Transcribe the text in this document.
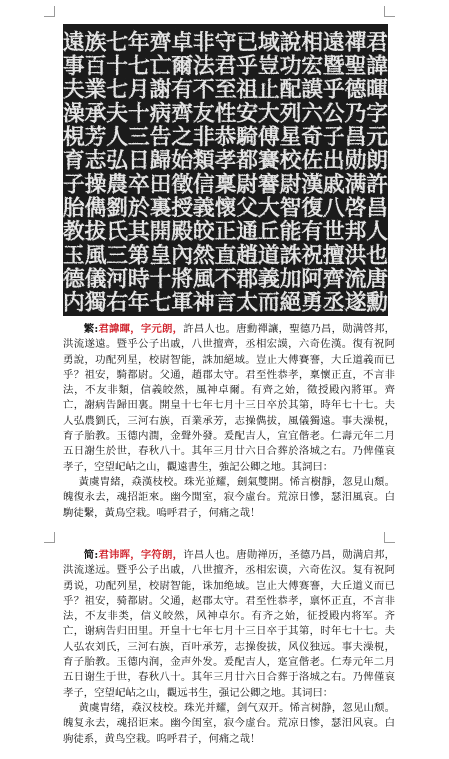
君
諱
暉
字
元
朗
許
昌
人
也
唐
勳
禪
聖
德
乃
昌
勋
满
啓
邦
洪
流
遂
遠
暨
乎
公
子
出
戚
八
世
擅
齊
丞
相
宏
謨
六
奇
佐
漢
復
有
祝
阿
勇
說
功
配
列
星
校
尉
智
能
誅
加
絕
域
豈
止
大
傅
賽
謇
大
丘
道
義
而
已
乎
祖
安
騎
都
尉
父
通
趙
郡
太
守
君
至
性
恭
孝
稟
懷
正
直
不
言
非
法
不
友
非
類
信
義
皎
然
風
神
卓
爾
有
齊
之
始
徵
授
殿
內
將
軍
齊
亡
謝
病
告
歸
田
裏
開
皇
十
七
年
七
月
十
三
日
卒
於
其
第
時
年
七
十
七
夫
人
弘
農
劉
氏
三
河
右
族
百
業
承
芳
志
操
儁
拔
風
儀
獨
遠
事
夫
澡
梘
育
子
胎
教
玉
德
内

繁:君諱暉，字元朗，許昌人也。唐勳禪讓，聖德乃昌，勋满啓邦，洪流遂遠。暨乎公子出戚，八世擅齊，丞相宏謨，六奇佐漢。復有祝阿勇說，功配列星，校尉智能，誅加絕域。豈止大傅賽謇，大丘道義而已乎？祖安，騎都尉。父通，趙郡太守。君至性恭孝，稟懷正直，不言非法，不友非類，信義皎然，風神卓爾。有齊之始，徵授殿內將軍。齊亡，謝病告歸田裏。開皇十七年七月十三日卒於其第，時年七十七。夫人弘農劉氏，三河右族，百業承芳，志操儁拔，風儀獨遠。事夫澡梘，育子胎教。玉德内潤，金聲外發。爰配吉人，宣宜偕老。仁壽元年二月五日謝生於世，春秋八十。其年三月廿六日合葬於洛城之右。乃俾僅哀孝子，空望屺岾之山，觀遠書生，強記公卿之地。其詞曰：

黃虞胄緒，猋漢枝校。珠光並耀，劍氣雙開。悕言樹靜，忽見山頹。魄復永去，魂招詎來。幽今閒室，寂今虛台。荒涼日慘，瑟汨風哀。白駒徒繫，黃鳥空栽。嗚呼君子，何痛之哉！

简:君讳晖，字符朗，许昌人也。唐勋禅历，圣德乃昌，勋满启邦，洪流遂远。暨乎公子出戚，八世擅齐，丞相宏谟，六奇佐汉。复有祝阿勇说，功配列星，校尉智能，诛加绝域。岂止大傅赛謇，大丘道义而已乎？祖安，骑都尉。父通，赵郡太守。君至性恭孝，禀怀正直，不言非法，不友非类，信义皎然，风神卓尔。有齐之始，征授殿内将军。齐亡，谢病告归田里。开皇十七年七月十三日卒于其第，时年七十七。夫人弘农刘氏，三河右族，百叶承芳，志操俊拔，风仪独远。事夫澡梘，育子胎教。玉德内润，金声外发。爰配吉人，寔宣偕老。仁寿元年二月五日谢生于世，春秋八十。其年三月廿六日合葬于洛城之右。乃俾僅哀孝子，空望屺岾之山，觀远书生，强记公卿之地。其词曰：

黄虞胄绪，猋汉枝校。珠光并耀，剑气双开。悕言树静，忽见山颓。魄复永去，魂招讵来。幽今闺室，寂今虚台。荒凉日惨，瑟汨风哀。白驹徒系，黄鸟空栽。呜呼君子，何痛之哉！
